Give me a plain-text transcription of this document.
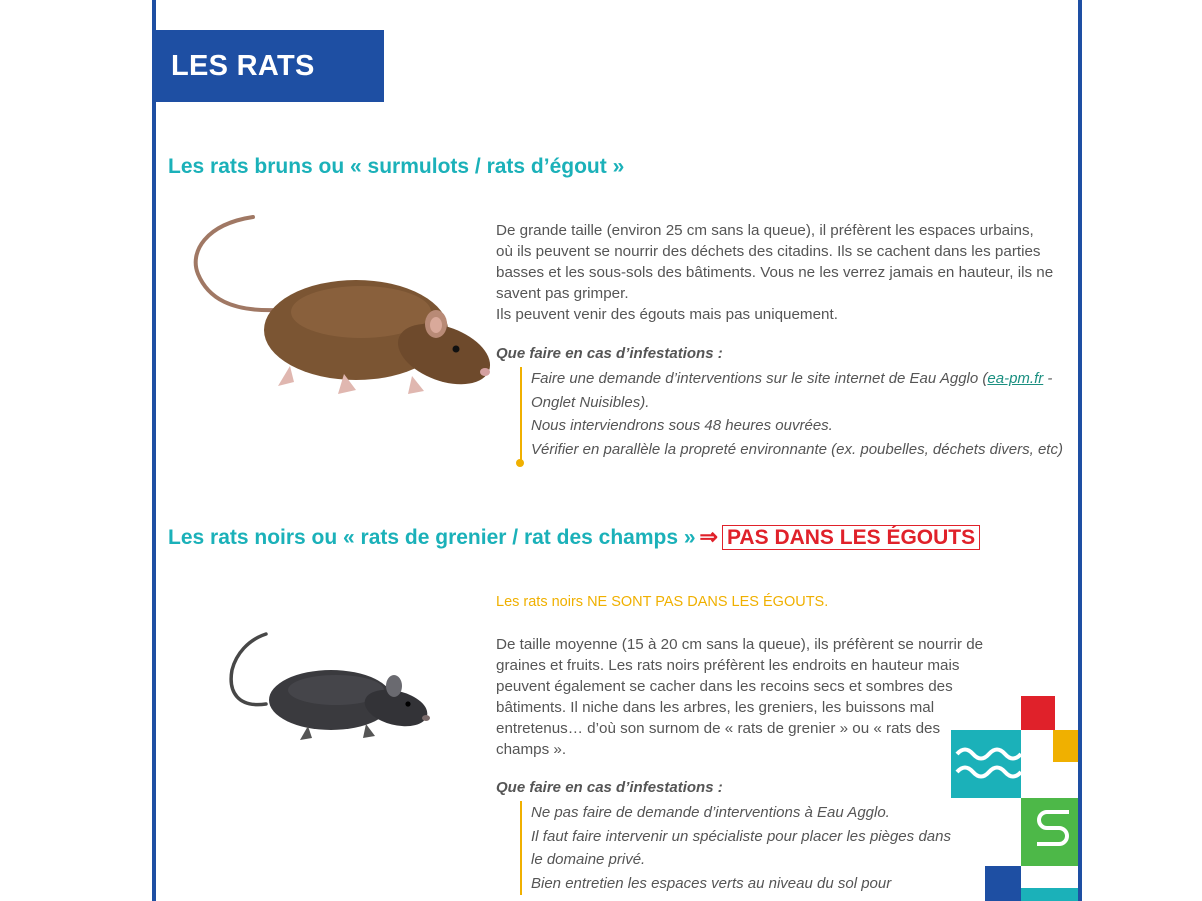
LES RATS
Les rats bruns ou « surmulots / rats d’égout »
De grande taille (environ 25 cm sans la queue), il préfèrent les espaces urbains,
où ils peuvent se nourrir des déchets des citadins. Ils se cachent dans les parties
basses et les sous-sols des bâtiments. Vous ne les verrez jamais en hauteur, ils ne
savent pas grimper.
Ils peuvent venir des égouts mais pas uniquement.
Que faire en cas d’infestations :
Faire une demande d’interventions sur le site internet de Eau Agglo (ea-pm.fr - Onglet Nuisibles).
Nous interviendrons sous 48 heures ouvrées.
Vérifier en parallèle la propreté environnante (ex. poubelles, déchets divers, etc)
Les rats noirs ou « rats de grenier / rat des champs » ⇒ PAS DANS LES ÉGOUTS
Les rats noirs NE SONT PAS DANS LES ÉGOUTS.
De taille moyenne (15 à 20 cm sans la queue), ils préfèrent se nourrir de
graines et fruits. Les rats noirs préfèrent les endroits en hauteur mais
peuvent également se cacher dans les recoins secs et sombres des
bâtiments. Il niche dans les arbres, les greniers, les buissons mal
entretenus… d’où son surnom de « rats de grenier » ou « rats des
champs ».
Que faire en cas d’infestations :
Ne pas faire de demande d’interventions à Eau Agglo.
Il faut faire intervenir un spécialiste pour placer les pièges dans le domaine privé.
Bien entretien les espaces verts au niveau du sol pour
